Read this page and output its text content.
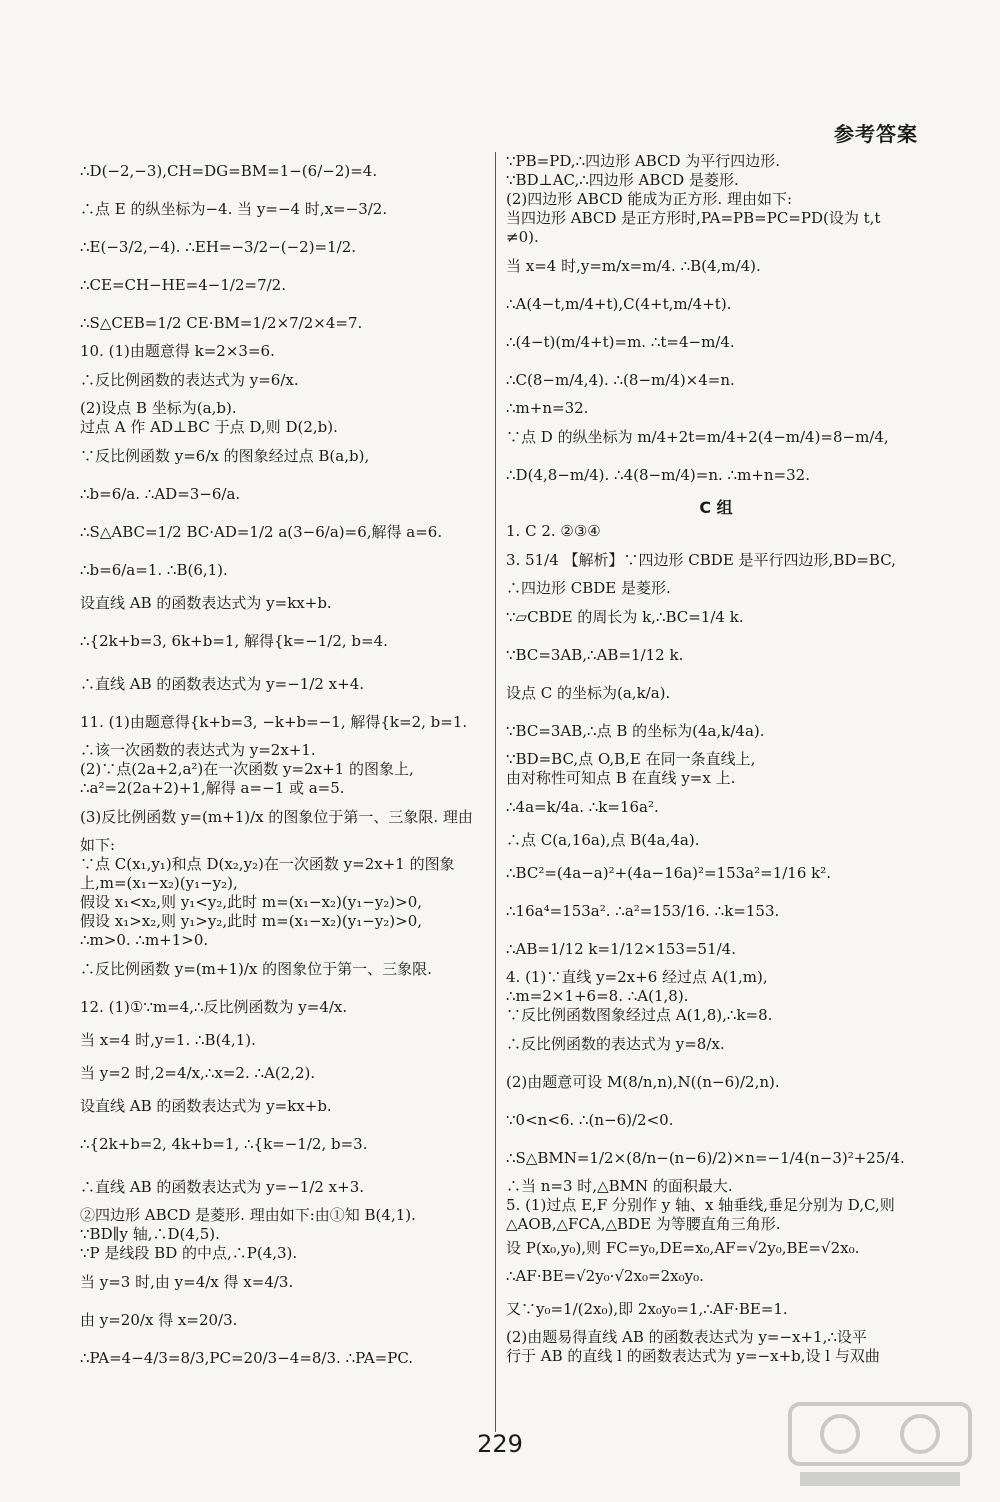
参考答案

∴D(−2,−3),CH=DG=BM=1−(6/−2)=4.

∴点 E 的纵坐标为−4. 当 y=−4 时,x=−3/2.

∴E(−3/2,−4). ∴EH=−3/2−(−2)=1/2.

∴CE=CH−HE=4−1/2=7/2.

∴S△CEB=1/2 CE·BM=1/2×7/2×4=7.

10. (1)由题意得 k=2×3=6.

∴反比例函数的表达式为 y=6/x.

(2)设点 B 坐标为(a,b).

过点 A 作 AD⊥BC 于点 D,则 D(2,b).

∵反比例函数 y=6/x 的图象经过点 B(a,b),

∴b=6/a. ∴AD=3−6/a.

∴S△ABC=1/2 BC·AD=1/2 a(3−6/a)=6,解得 a=6.

∴b=6/a=1. ∴B(6,1).

设直线 AB 的函数表达式为 y=kx+b.

∴{2k+b=3, 6k+b=1, 解得{k=−1/2, b=4.

∴直线 AB 的函数表达式为 y=−1/2 x+4.

11. (1)由题意得{k+b=3, −k+b=−1, 解得{k=2, b=1.

∴该一次函数的表达式为 y=2x+1.

(2)∵点(2a+2,a²)在一次函数 y=2x+1 的图象上,

∴a²=2(2a+2)+1,解得 a=−1 或 a=5.

(3)反比例函数 y=(m+1)/x 的图象位于第一、三象限. 理由

如下:

∵点 C(x₁,y₁)和点 D(x₂,y₂)在一次函数 y=2x+1 的图象

上,m=(x₁−x₂)(y₁−y₂),

假设 x₁<x₂,则 y₁<y₂,此时 m=(x₁−x₂)(y₁−y₂)>0,

假设 x₁>x₂,则 y₁>y₂,此时 m=(x₁−x₂)(y₁−y₂)>0,

∴m>0. ∴m+1>0.

∴反比例函数 y=(m+1)/x 的图象位于第一、三象限.

12. (1)①∵m=4,∴反比例函数为 y=4/x.

当 x=4 时,y=1. ∴B(4,1).

当 y=2 时,2=4/x,∴x=2. ∴A(2,2).

设直线 AB 的函数表达式为 y=kx+b.

∴{2k+b=2, 4k+b=1, ∴{k=−1/2, b=3.

∴直线 AB 的函数表达式为 y=−1/2 x+3.

②四边形 ABCD 是菱形. 理由如下:由①知 B(4,1).

∵BD∥y 轴,∴D(4,5).

∵P 是线段 BD 的中点,∴P(4,3).

当 y=3 时,由 y=4/x 得 x=4/3.

由 y=20/x 得 x=20/3.

∴PA=4−4/3=8/3,PC=20/3−4=8/3. ∴PA=PC.

∵PB=PD,∴四边形 ABCD 为平行四边形.

∵BD⊥AC,∴四边形 ABCD 是菱形.

(2)四边形 ABCD 能成为正方形. 理由如下:

当四边形 ABCD 是正方形时,PA=PB=PC=PD(设为 t,t

≠0).

当 x=4 时,y=m/x=m/4. ∴B(4,m/4).

∴A(4−t,m/4+t),C(4+t,m/4+t).

∴(4−t)(m/4+t)=m. ∴t=4−m/4.

∴C(8−m/4,4). ∴(8−m/4)×4=n.

∴m+n=32.

∵点 D 的纵坐标为 m/4+2t=m/4+2(4−m/4)=8−m/4,

∴D(4,8−m/4). ∴4(8−m/4)=n. ∴m+n=32.

C 组

1. C 2. ②③④

3. 51/4 【解析】∵四边形 CBDE 是平行四边形,BD=BC,

∴四边形 CBDE 是菱形.

∵▱CBDE 的周长为 k,∴BC=1/4 k.

∵BC=3AB,∴AB=1/12 k.

设点 C 的坐标为(a,k/a).

∵BC=3AB,∴点 B 的坐标为(4a,k/4a).

∵BD=BC,点 O,B,E 在同一条直线上,

由对称性可知点 B 在直线 y=x 上.

∴4a=k/4a. ∴k=16a².

∴点 C(a,16a),点 B(4a,4a).

∴BC²=(4a−a)²+(4a−16a)²=153a²=1/16 k².

∴16a⁴=153a². ∴a²=153/16. ∴k=153.

∴AB=1/12 k=1/12×153=51/4.

4. (1)∵直线 y=2x+6 经过点 A(1,m),

∴m=2×1+6=8. ∴A(1,8).

∵反比例函数图象经过点 A(1,8),∴k=8.

∴反比例函数的表达式为 y=8/x.

(2)由题意可设 M(8/n,n),N((n−6)/2,n).

∵0<n<6. ∴(n−6)/2<0.

∴S△BMN=1/2×(8/n−(n−6)/2)×n=−1/4(n−3)²+25/4.

∴当 n=3 时,△BMN 的面积最大.

5. (1)过点 E,F 分别作 y 轴、x 轴垂线,垂足分别为 D,C,则

△AOB,△FCA,△BDE 为等腰直角三角形.

设 P(x₀,y₀),则 FC=y₀,DE=x₀,AF=√2y₀,BE=√2x₀.

∴AF·BE=√2y₀·√2x₀=2x₀y₀.

又∵y₀=1/(2x₀),即 2x₀y₀=1,∴AF·BE=1.

(2)由题易得直线 AB 的函数表达式为 y=−x+1,∴设平

行于 AB 的直线 l 的函数表达式为 y=−x+b,设 l 与双曲

229
